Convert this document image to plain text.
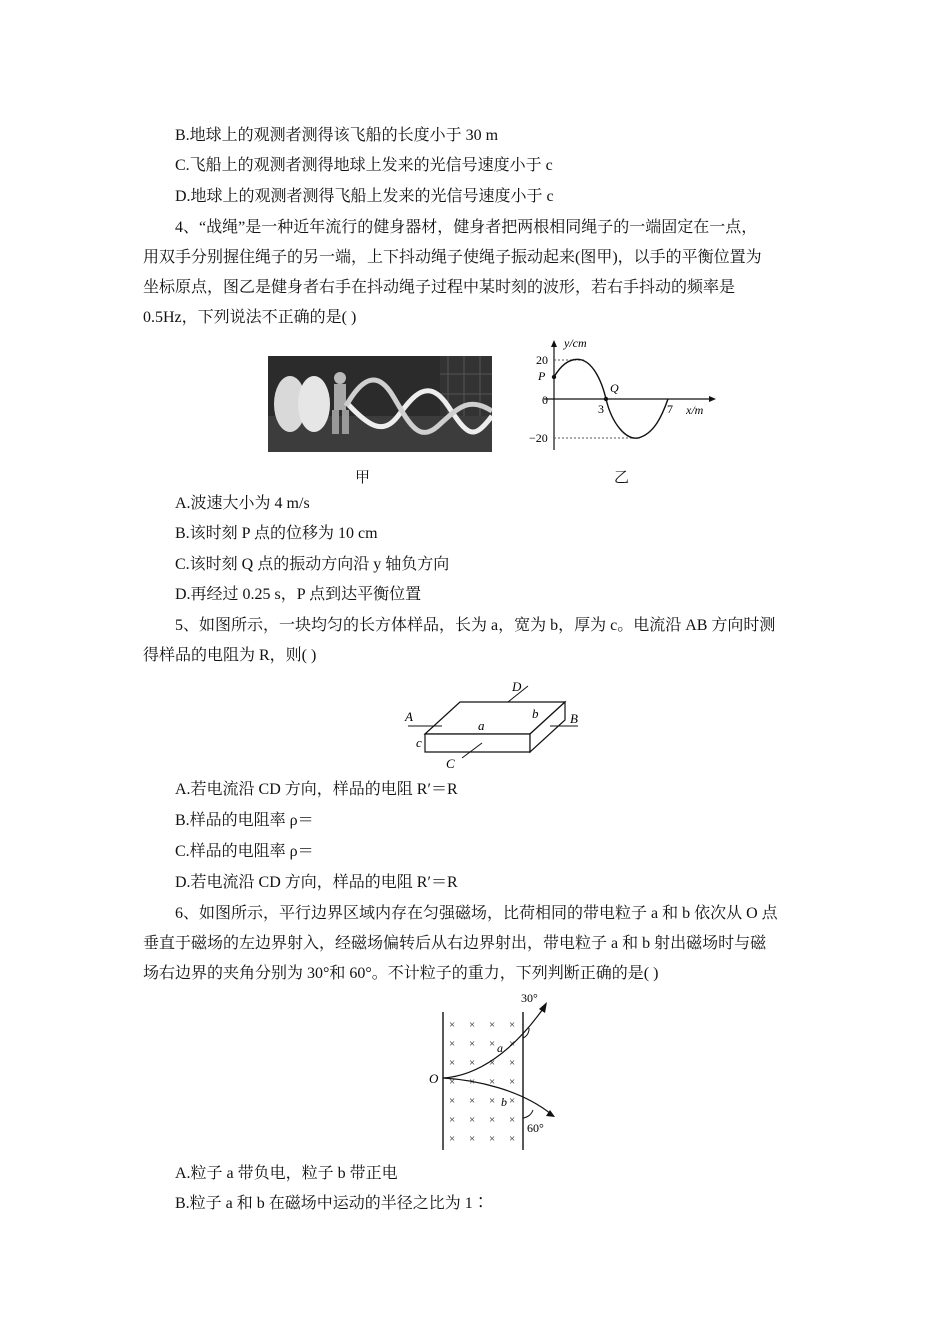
B.地球上的观测者测得该飞船的长度小于 30 m
C.飞船上的观测者测得地球上发来的光信号速度小于 c
D.地球上的观测者测得飞船上发来的光信号速度小于 c
4、“战绳”是一种近年流行的健身器材，健身者把两根相同绳子的一端固定在一点，
用双手分别握住绳子的另一端，上下抖动绳子使绳子振动起来(图甲)，以手的平衡位置为
坐标原点，图乙是健身者右手在抖动绳子过程中某时刻的波形，若右手抖动的频率是
0.5Hz，下列说法不正确的是( )
甲
y/cm
x/m
20
0
−20
3	7
P
Q
乙
A.波速大小为 4 m/s
B.该时刻 P 点的位移为 10 cm
C.该时刻 Q 点的振动方向沿 y 轴负方向
D.再经过 0.25 s，P 点到达平衡位置
5、如图所示，一块均匀的长方体样品，长为 a，宽为 b，厚为 c。电流沿 AB 方向时测
得样品的电阻为 R，则( )
A	B
C
D
a
b
c
A.若电流沿 CD 方向，样品的电阻 R′＝R
B.样品的电阻率 ρ＝
C.样品的电阻率 ρ＝
D.若电流沿 CD 方向，样品的电阻 R′＝R
6、如图所示，平行边界区域内存在匀强磁场，比荷相同的带电粒子 a 和 b 依次从 O 点
垂直于磁场的左边界射入，经磁场偏转后从右边界射出，带电粒子 a 和 b 射出磁场时与磁
场右边界的夹角分别为 30°和 60°。不计粒子的重力，下列判断正确的是( )
× × × ×
× × × ×
× × × ×
× × × ×
× × × ×
× × × ×
× × × ×
30°
60°
O
a
b
A.粒子 a 带负电，粒子 b 带正电
B.粒子 a 和 b 在磁场中运动的半径之比为 1∶
